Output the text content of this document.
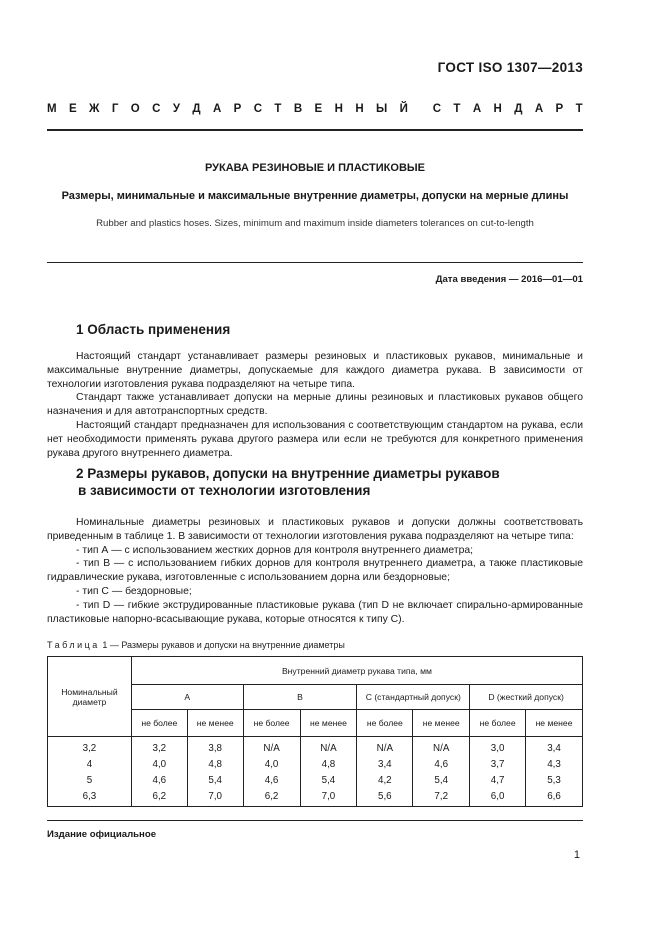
ГОСТ ISO 1307—2013
М Е Ж Г О С У Д А Р С Т В Е Н Н Ы Й С Т А Н Д А Р Т
РУКАВА РЕЗИНОВЫЕ И ПЛАСТИКОВЫЕ
Размеры, минимальные и максимальные внутренние диаметры, допуски на мерные длины
Rubber and plastics hoses. Sizes, minimum and maximum inside diameters tolerances on cut-to-length
Дата введения — 2016—01—01
1 Область применения

Настоящий стандарт устанавливает размеры резиновых и пластиковых рукавов, минимальные и максимальные внутренние диаметры, допускаемые для каждого диаметра рукава. В зависимости от технологии изготовления рукава подразделяют на четыре типа.

Стандарт также устанавливает допуски на мерные длины резиновых и пластиковых рукавов общего назначения и для автотранспортных средств.

Настоящий стандарт предназначен для использования с соответствующим стандартом на рукава, если нет необходимости применять рукава другого размера или если не требуются для конкретного применения рукава другого внутреннего диаметра.

2 Размеры рукавов, допуски на внутренние диаметры рукавов
в зависимости от технологии изготовления

Номинальные диаметры резиновых и пластиковых рукавов и допуски должны соответствовать приведенным в таблице 1. В зависимости от технологии изготовления рукава подразделяют на четыре типа:

- тип А — с использованием жестких дорнов для контроля внутреннего диаметра;

- тип В — с использованием гибких дорнов для контроля внутреннего диаметра, а также пластиковые гидравлические рукава, изготовленные с использованием дорна или бездорновые;

- тип С — бездорновые;

- тип D — гибкие экструдированные пластиковые рукава (тип D не включает спирально-армированные пластиковые напорно-всасывающие рукава, которые относятся к типу С).

Таблица 1 — Размеры рукавов и допуски на внутренние диаметры
Номинальный диаметр	Внутренний диаметр рукава типа, мм							
	A		B		C (стандартный допуск)		D (жесткий допуск)	
	не более	не менее	не более	не менее	не более	не менее	не более	не менее
3,2	3,2	3,8	N/A	N/A	N/A	N/A	3,0	3,4
4	4,0	4,8	4,0	4,8	3,4	4,6	3,7	4,3
5	4,6	5,4	4,6	5,4	4,2	5,4	4,7	5,3
6,3	6,2	7,0	6,2	7,0	5,6	7,2	6,0	6,6
Издание официальное
1
